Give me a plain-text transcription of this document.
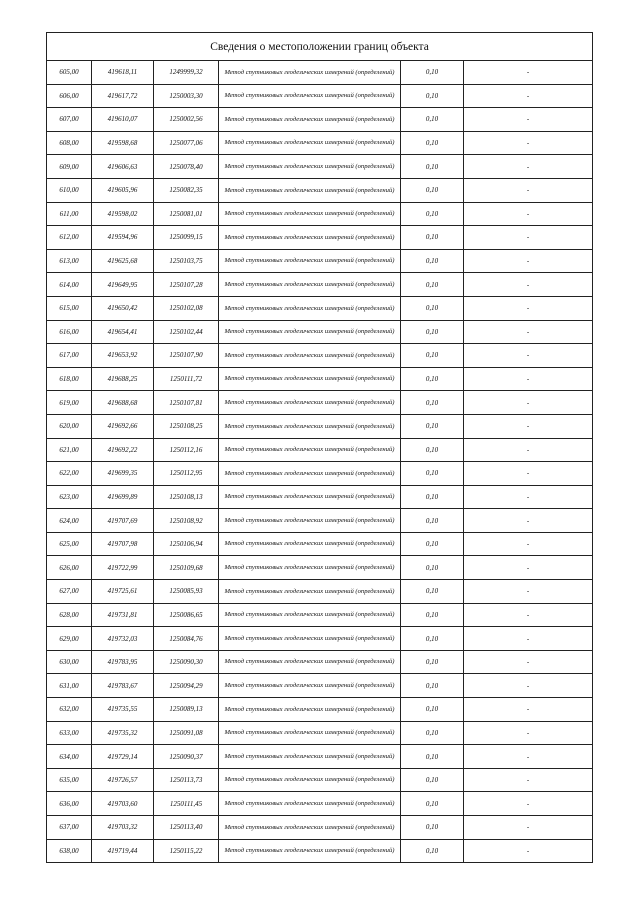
Сведения о местоположении границ объекта					
605,00	419618,11	1249999,32	Метод спутниковых геодезических измерений (определений)	0,10	-
606,00	419617,72	1250003,30	Метод спутниковых геодезических измерений (определений)	0,10	-
607,00	419610,07	1250002,56	Метод спутниковых геодезических измерений (определений)	0,10	-
608,00	419598,68	1250077,06	Метод спутниковых геодезических измерений (определений)	0,10	-
609,00	419606,63	1250078,40	Метод спутниковых геодезических измерений (определений)	0,10	-
610,00	419605,96	1250082,35	Метод спутниковых геодезических измерений (определений)	0,10	-
611,00	419598,02	1250081,01	Метод спутниковых геодезических измерений (определений)	0,10	-
612,00	419594,96	1250099,15	Метод спутниковых геодезических измерений (определений)	0,10	-
613,00	419625,68	1250103,75	Метод спутниковых геодезических измерений (определений)	0,10	-
614,00	419649,95	1250107,28	Метод спутниковых геодезических измерений (определений)	0,10	-
615,00	419650,42	1250102,08	Метод спутниковых геодезических измерений (определений)	0,10	-
616,00	419654,41	1250102,44	Метод спутниковых геодезических измерений (определений)	0,10	-
617,00	419653,92	1250107,90	Метод спутниковых геодезических измерений (определений)	0,10	-
618,00	419688,25	1250111,72	Метод спутниковых геодезических измерений (определений)	0,10	-
619,00	419688,68	1250107,81	Метод спутниковых геодезических измерений (определений)	0,10	-
620,00	419692,66	1250108,25	Метод спутниковых геодезических измерений (определений)	0,10	-
621,00	419692,22	1250112,16	Метод спутниковых геодезических измерений (определений)	0,10	-
622,00	419699,35	1250112,95	Метод спутниковых геодезических измерений (определений)	0,10	-
623,00	419699,89	1250108,13	Метод спутниковых геодезических измерений (определений)	0,10	-
624,00	419707,69	1250108,92	Метод спутниковых геодезических измерений (определений)	0,10	-
625,00	419707,98	1250106,94	Метод спутниковых геодезических измерений (определений)	0,10	-
626,00	419722,99	1250109,68	Метод спутниковых геодезических измерений (определений)	0,10	-
627,00	419725,61	1250085,93	Метод спутниковых геодезических измерений (определений)	0,10	-
628,00	419731,81	1250086,65	Метод спутниковых геодезических измерений (определений)	0,10	-
629,00	419732,03	1250084,76	Метод спутниковых геодезических измерений (определений)	0,10	-
630,00	419783,95	1250090,30	Метод спутниковых геодезических измерений (определений)	0,10	-
631,00	419783,67	1250094,29	Метод спутниковых геодезических измерений (определений)	0,10	-
632,00	419735,55	1250089,13	Метод спутниковых геодезических измерений (определений)	0,10	-
633,00	419735,32	1250091,08	Метод спутниковых геодезических измерений (определений)	0,10	-
634,00	419729,14	1250090,37	Метод спутниковых геодезических измерений (определений)	0,10	-
635,00	419726,57	1250113,73	Метод спутниковых геодезических измерений (определений)	0,10	-
636,00	419703,60	1250111,45	Метод спутниковых геодезических измерений (определений)	0,10	-
637,00	419703,32	1250113,40	Метод спутниковых геодезических измерений (определений)	0,10	-
638,00	419719,44	1250115,22	Метод спутниковых геодезических измерений (определений)	0,10	-
